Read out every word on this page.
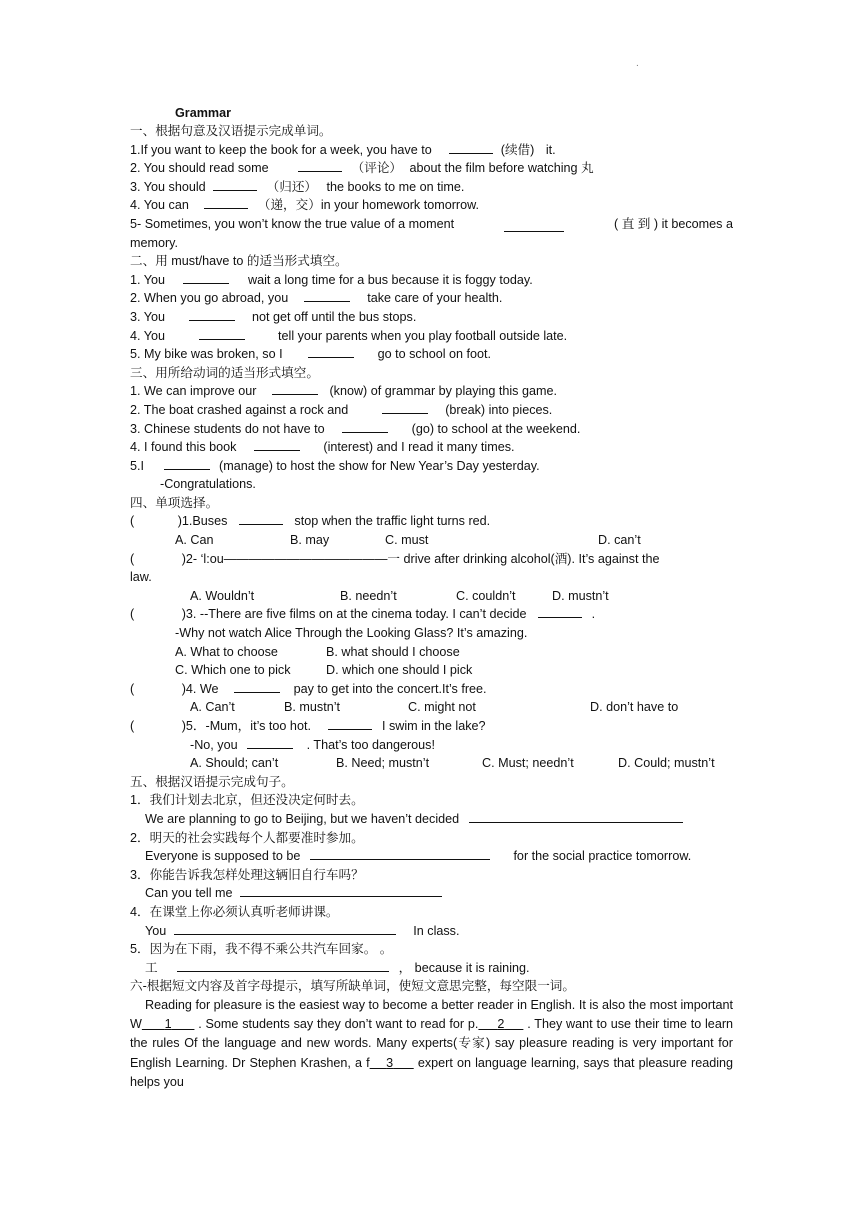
.
Grammar
一、根据句意及汉语提示完成单词。
1.If you want to keep the book for a week, you have to	(续借) it.
2. You should read some	（评论） about the film before watching 丸
3. You should	（归还） the books to me on time.
4. You can	（递，交）in your homework tomorrow.
5- Sometimes, you won’t know the true value of a moment	( 直 到 ) it becomes a
memory.
二、用 must/have to 的适当形式填空。
1. You	wait a long time for a bus because it is foggy today.
2. When you go abroad, you	take care of your health.
3. You	not get off until the bus stops.
4. You	tell your parents when you play football outside late.
5. My bike was broken, so I	go to school on foot.
三、用所给动词的适当形式填空。
1. We can improve our	(know) of grammar by playing this game.
2. The boat crashed against a rock and	(break) into pieces.
3. Chinese students do not have to	(go) to school at the weekend.
4. I found this book	(interest) and I read it many times.
5.I	(manage) to host the show for New Year’s Day yesterday.
-Congratulations.
四、单项选择。
(	)1.Buses	stop when the traffic light turns red.
A. Can	B. may	C. must	D. can’t
(	)2- ‘l:ou—————————————一 drive after drinking alcohol(酒). It’s against the
law.
A. Wouldn’t	B. needn’t	C. couldn’t	D. mustn’t
(	)3. --There are five films on at the cinema today. I can’t decide	.
-Why not watch Alice Through the Looking Glass? It’s amazing.
A. What to choose	B. what should I choose
C. Which one to pick	D. which one should I pick
(	)4. We	pay to get into the concert.It’s free.
A. Can’t	B. mustn’t	C. might not	D. don’t have to
(	)5．-Mum，it’s too hot.	I swim in the lake?
-No, you	. That’s too dangerous!
A. Should; can’t	B. Need; mustn’t	C. Must; needn’t	D. Could; mustn’t
五、根据汉语提示完成句子。
1．我们计划去北京，但还没决定何时去。
We are planning to go to Beijing, but we haven’t decided
2．明天的社会实践每个人都要准时参加。
Everyone is supposed to be	for the social practice tomorrow.
3．你能告诉我怎样处理这辆旧自行车吗？
Can you tell me
4．在课堂上你必须认真听老师讲课。
You	In class.
5．因为在下雨，我不得不乘公共汽车回家。 。
工	， because it is raining.
六-根据短文内容及首字母提示，填写所缺单词，使短文意思完整，每空限一词。
Reading for pleasure is the easiest way to become a better reader in English. It is also the most important W 1 . Some students say they don’t want to read for p. 2 . They want to use their time to learn the rules Of the language and new words. Many experts(专家) say pleasure reading is very important for English Learning. Dr Stephen Krashen, a f 3 expert on language learning, says that pleasure reading helps you
